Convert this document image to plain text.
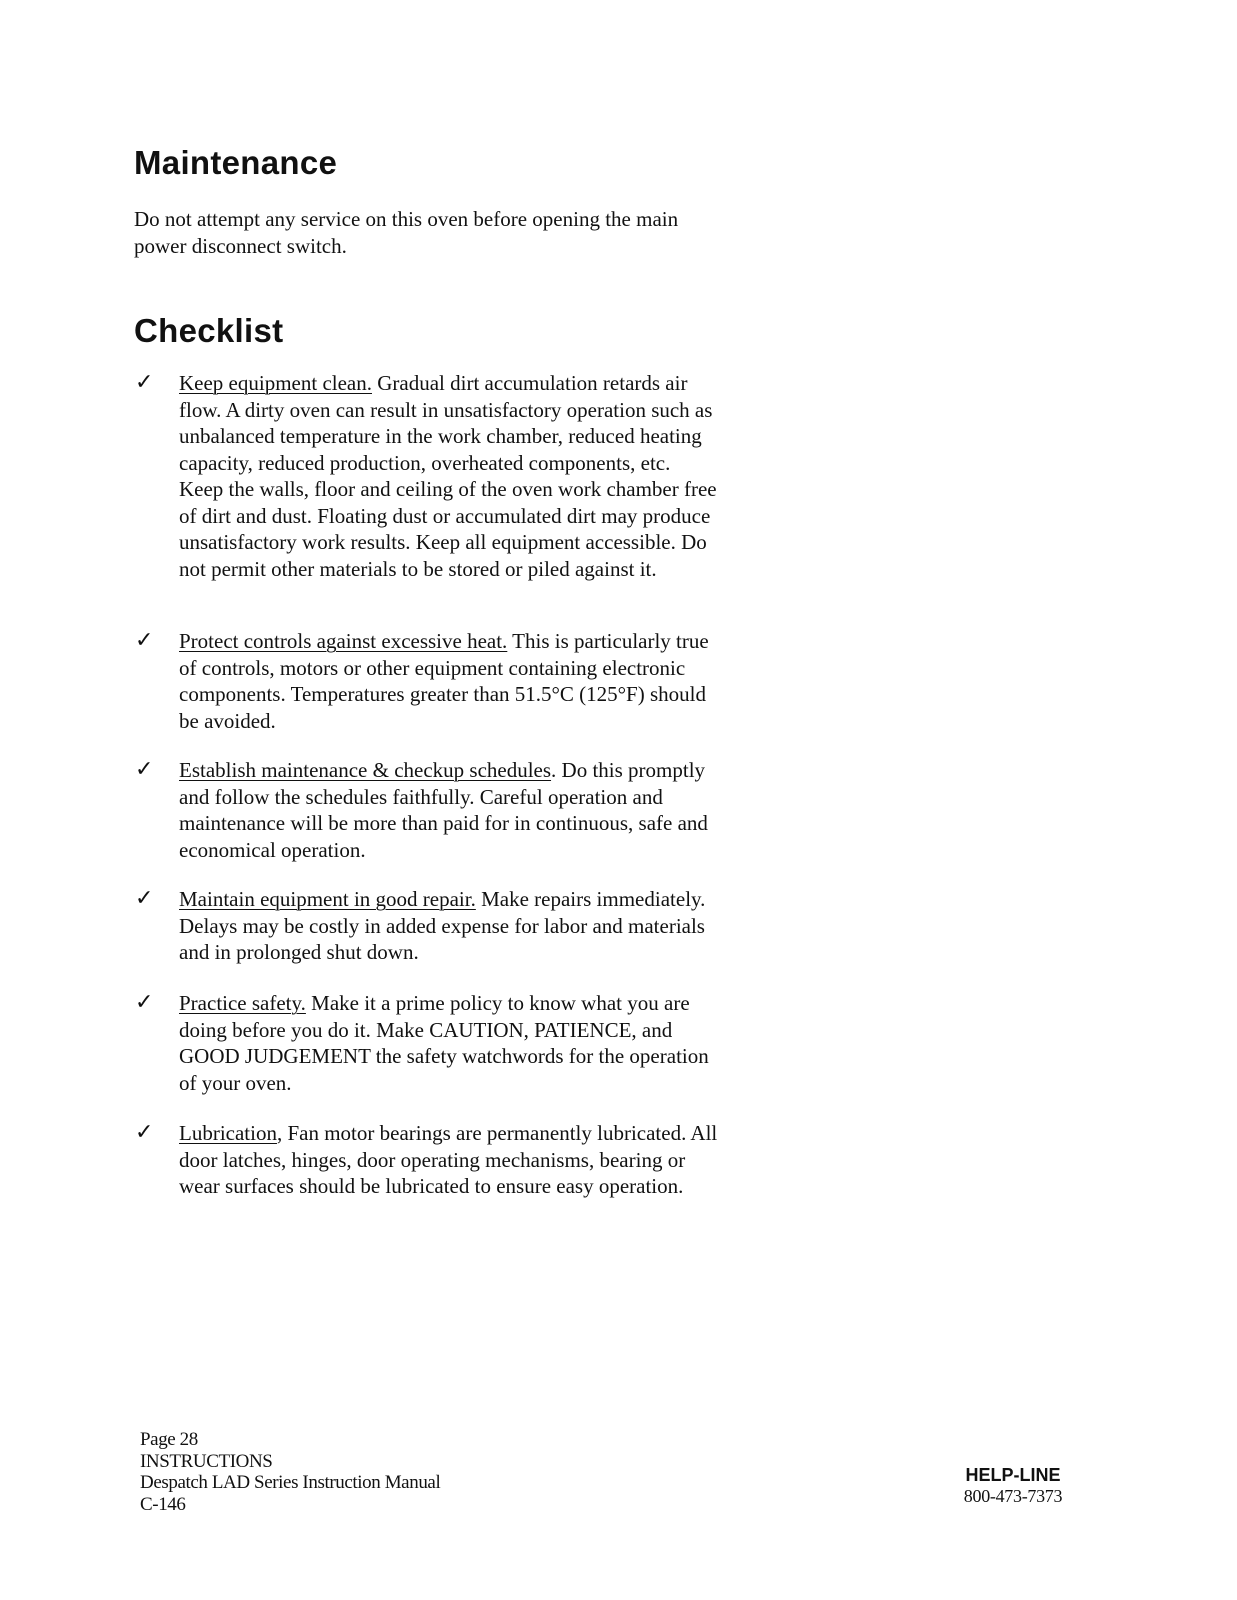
Maintenance

Do not attempt any service on this oven before opening the main power disconnect switch.

Checklist
✓ Keep equipment clean. Gradual dirt accumulation retards air flow. A dirty oven can result in unsatisfactory operation such as unbalanced temperature in the work chamber, reduced heating capacity, reduced production, overheated components, etc. Keep the walls, floor and ceiling of the oven work chamber free of dirt and dust. Floating dust or accumulated dirt may produce unsatisfactory work results. Keep all equipment accessible. Do not permit other materials to be stored or piled against it.

✓ Protect controls against excessive heat. This is particularly true of controls, motors or other equipment containing electronic components. Temperatures greater than 51.5°C (125°F) should be avoided.

✓ Establish maintenance & checkup schedules. Do this promptly and follow the schedules faithfully. Careful operation and maintenance will be more than paid for in continuous, safe and economical operation.

✓ Maintain equipment in good repair. Make repairs immediately. Delays may be costly in added expense for labor and materials and in prolonged shut down.

✓ Practice safety. Make it a prime policy to know what you are doing before you do it. Make CAUTION, PATIENCE, and GOOD JUDGEMENT the safety watchwords for the operation of your oven.

✓ Lubrication, Fan motor bearings are permanently lubricated. All door latches, hinges, door operating mechanisms, bearing or wear surfaces should be lubricated to ensure easy operation.

Page 28
INSTRUCTIONS
Despatch LAD Series Instruction Manual
C-146
HELP-LINE
800-473-7373
